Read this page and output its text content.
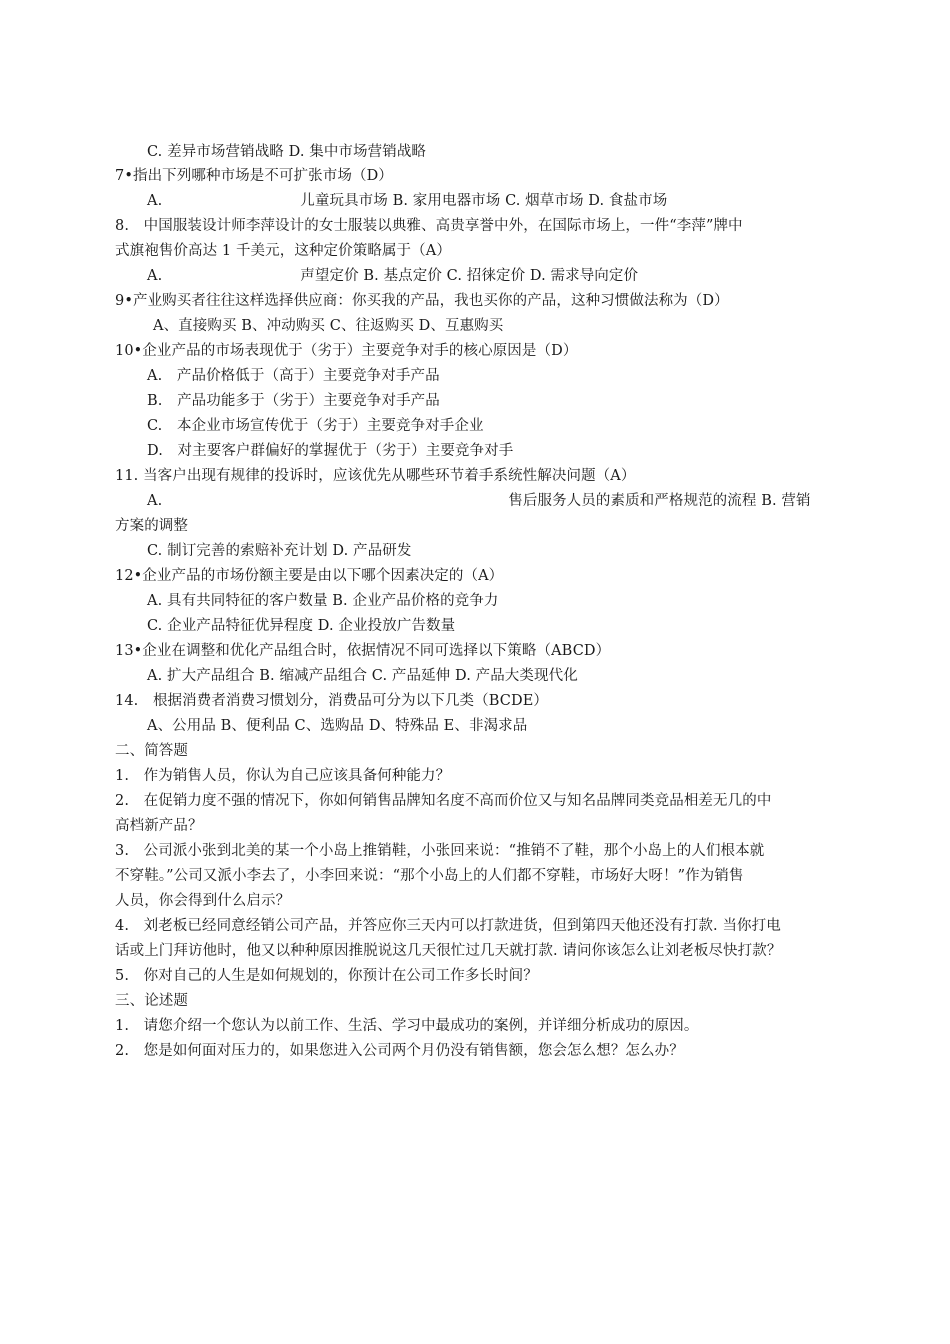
C. 差异市场营销战略 D. 集中市场营销战略
7•指出下列哪种市场是不可扩张市场（D）
A.	儿童玩具市场 B. 家用电器市场 C. 烟草市场 D. 食盐市场
8.　中国服装设计师李萍设计的女士服装以典雅、高贵享誉中外，在国际市场上，一件“李萍”牌中
式旗袍售价高达 1 千美元，这种定价策略属于（A）
A.	声望定价 B. 基点定价 C. 招徕定价 D. 需求导向定价
9•产业购买者往往这样选择供应商：你买我的产品，我也买你的产品，这种习惯做法称为（D）
A、直接购买 B、冲动购买 C、往返购买 D、互惠购买
10•企业产品的市场表现优于（劣于）主要竞争对手的核心原因是（D）
A.　产品价格低于（高于）主要竞争对手产品
B.　产品功能多于（劣于）主要竞争对手产品
C.　本企业市场宣传优于（劣于）主要竞争对手企业
D.　对主要客户群偏好的掌握优于（劣于）主要竞争对手
11. 当客户出现有规律的投诉时，应该优先从哪些环节着手系统性解决问题（A）
A.	售后服务人员的素质和严格规范的流程 B. 营销
方案的调整
C. 制订完善的索赔补充计划 D. 产品研发
12•企业产品的市场份额主要是由以下哪个因素决定的（A）
A. 具有共同特征的客户数量 B. 企业产品价格的竞争力
C. 企业产品特征优异程度 D. 企业投放广告数量
13•企业在调整和优化产品组合时，依据情况不同可选择以下策略（ABCD）
A. 扩大产品组合 B. 缩减产品组合 C. 产品延伸 D. 产品大类现代化
14.　根据消费者消费习惯划分，消费品可分为以下几类（BCDE）
A、公用品 B、便利品 C、选购品 D、特殊品 E、非渴求品
二、简答题
1.　作为销售人员，你认为自己应该具备何种能力？
2.　在促销力度不强的情况下，你如何销售品牌知名度不高而价位又与知名品牌同类竞品相差无几的中
高档新产品？
3.　公司派小张到北美的某一个小岛上推销鞋，小张回来说：“推销不了鞋，那个小岛上的人们根本就
不穿鞋。”公司又派小李去了，小李回来说：“那个小岛上的人们都不穿鞋，市场好大呀！”作为销售
人员，你会得到什么启示？
4.　刘老板已经同意经销公司产品，并答应你三天内可以打款进货，但到第四天他还没有打款. 当你打电
话或上门拜访他时，他又以种种原因推脱说这几天很忙过几天就打款. 请问你该怎么让刘老板尽快打款？
5.　你对自己的人生是如何规划的，你预计在公司工作多长时间？
三、论述题
1.　请您介绍一个您认为以前工作、生活、学习中最成功的案例，并详细分析成功的原因。
2.　您是如何面对压力的，如果您进入公司两个月仍没有销售额，您会怎么想？怎么办？
